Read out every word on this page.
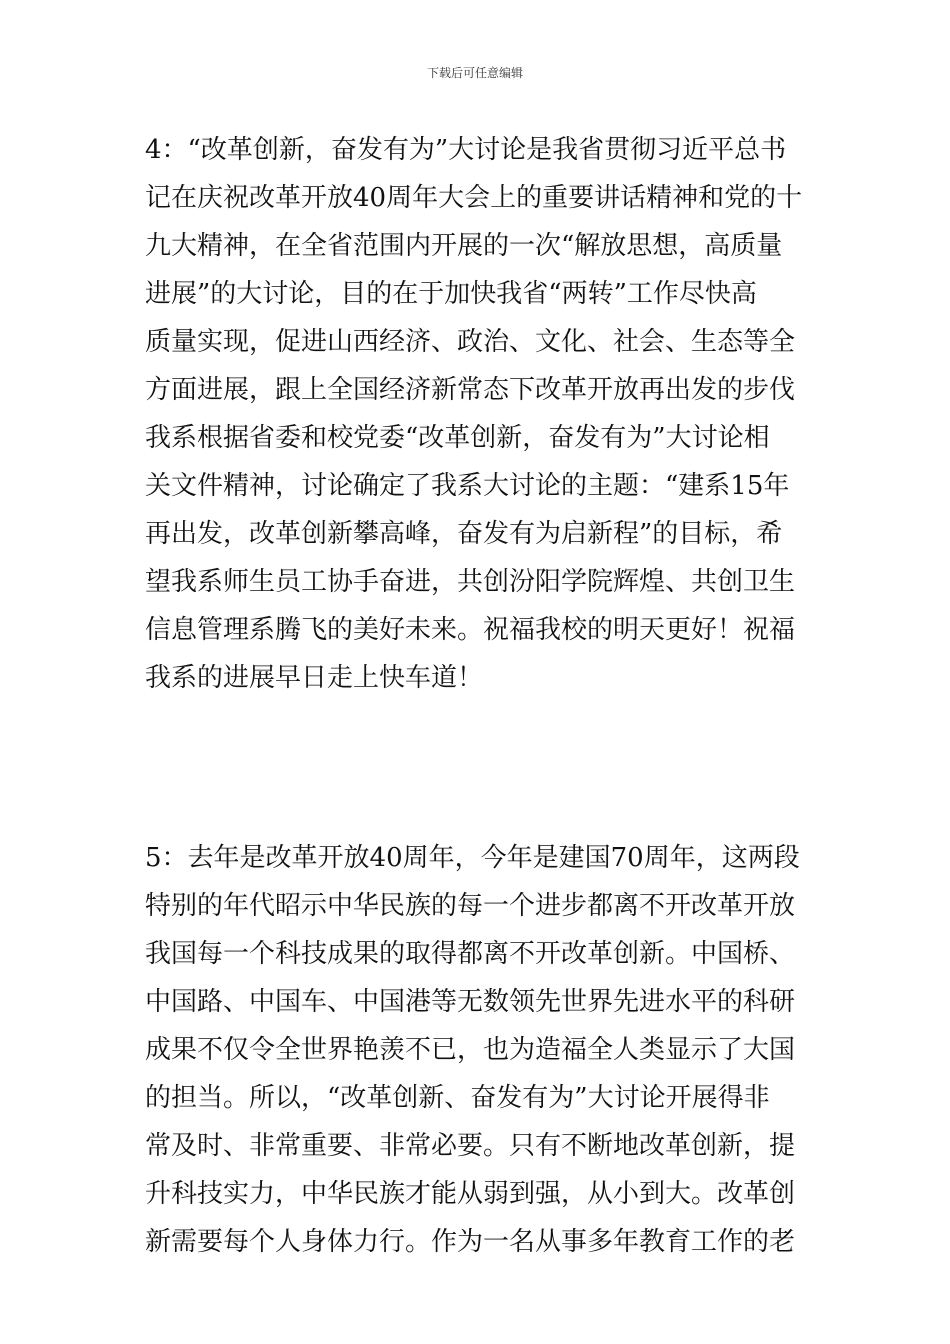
下载后可任意编辑
4：“改革创新，奋发有为”大讨论是我省贯彻习近平总书
记在庆祝改革开放40周年大会上的重要讲话精神和党的十
九大精神，在全省范围内开展的一次“解放思想，高质量
进展”的大讨论，目的在于加快我省“两转”工作尽快高
质量实现，促进山西经济、政治、文化、社会、生态等全
方面进展，跟上全国经济新常态下改革开放再出发的步伐
我系根据省委和校党委“改革创新，奋发有为”大讨论相
关文件精神，讨论确定了我系大讨论的主题：“建系15年
再出发，改革创新攀高峰，奋发有为启新程”的目标，希
望我系师生员工协手奋进，共创汾阳学院辉煌、共创卫生
信息管理系腾飞的美好未来。祝福我校的明天更好！祝福
我系的进展早日走上快车道！
5：去年是改革开放40周年，今年是建国70周年，这两段
特别的年代昭示中华民族的每一个进步都离不开改革开放
我国每一个科技成果的取得都离不开改革创新。中国桥、
中国路、中国车、中国港等无数领先世界先进水平的科研
成果不仅令全世界艳羡不已，也为造福全人类显示了大国
的担当。所以，“改革创新、奋发有为”大讨论开展得非
常及时、非常重要、非常必要。只有不断地改革创新，提
升科技实力，中华民族才能从弱到强，从小到大。改革创
新需要每个人身体力行。作为一名从事多年教育工作的老
